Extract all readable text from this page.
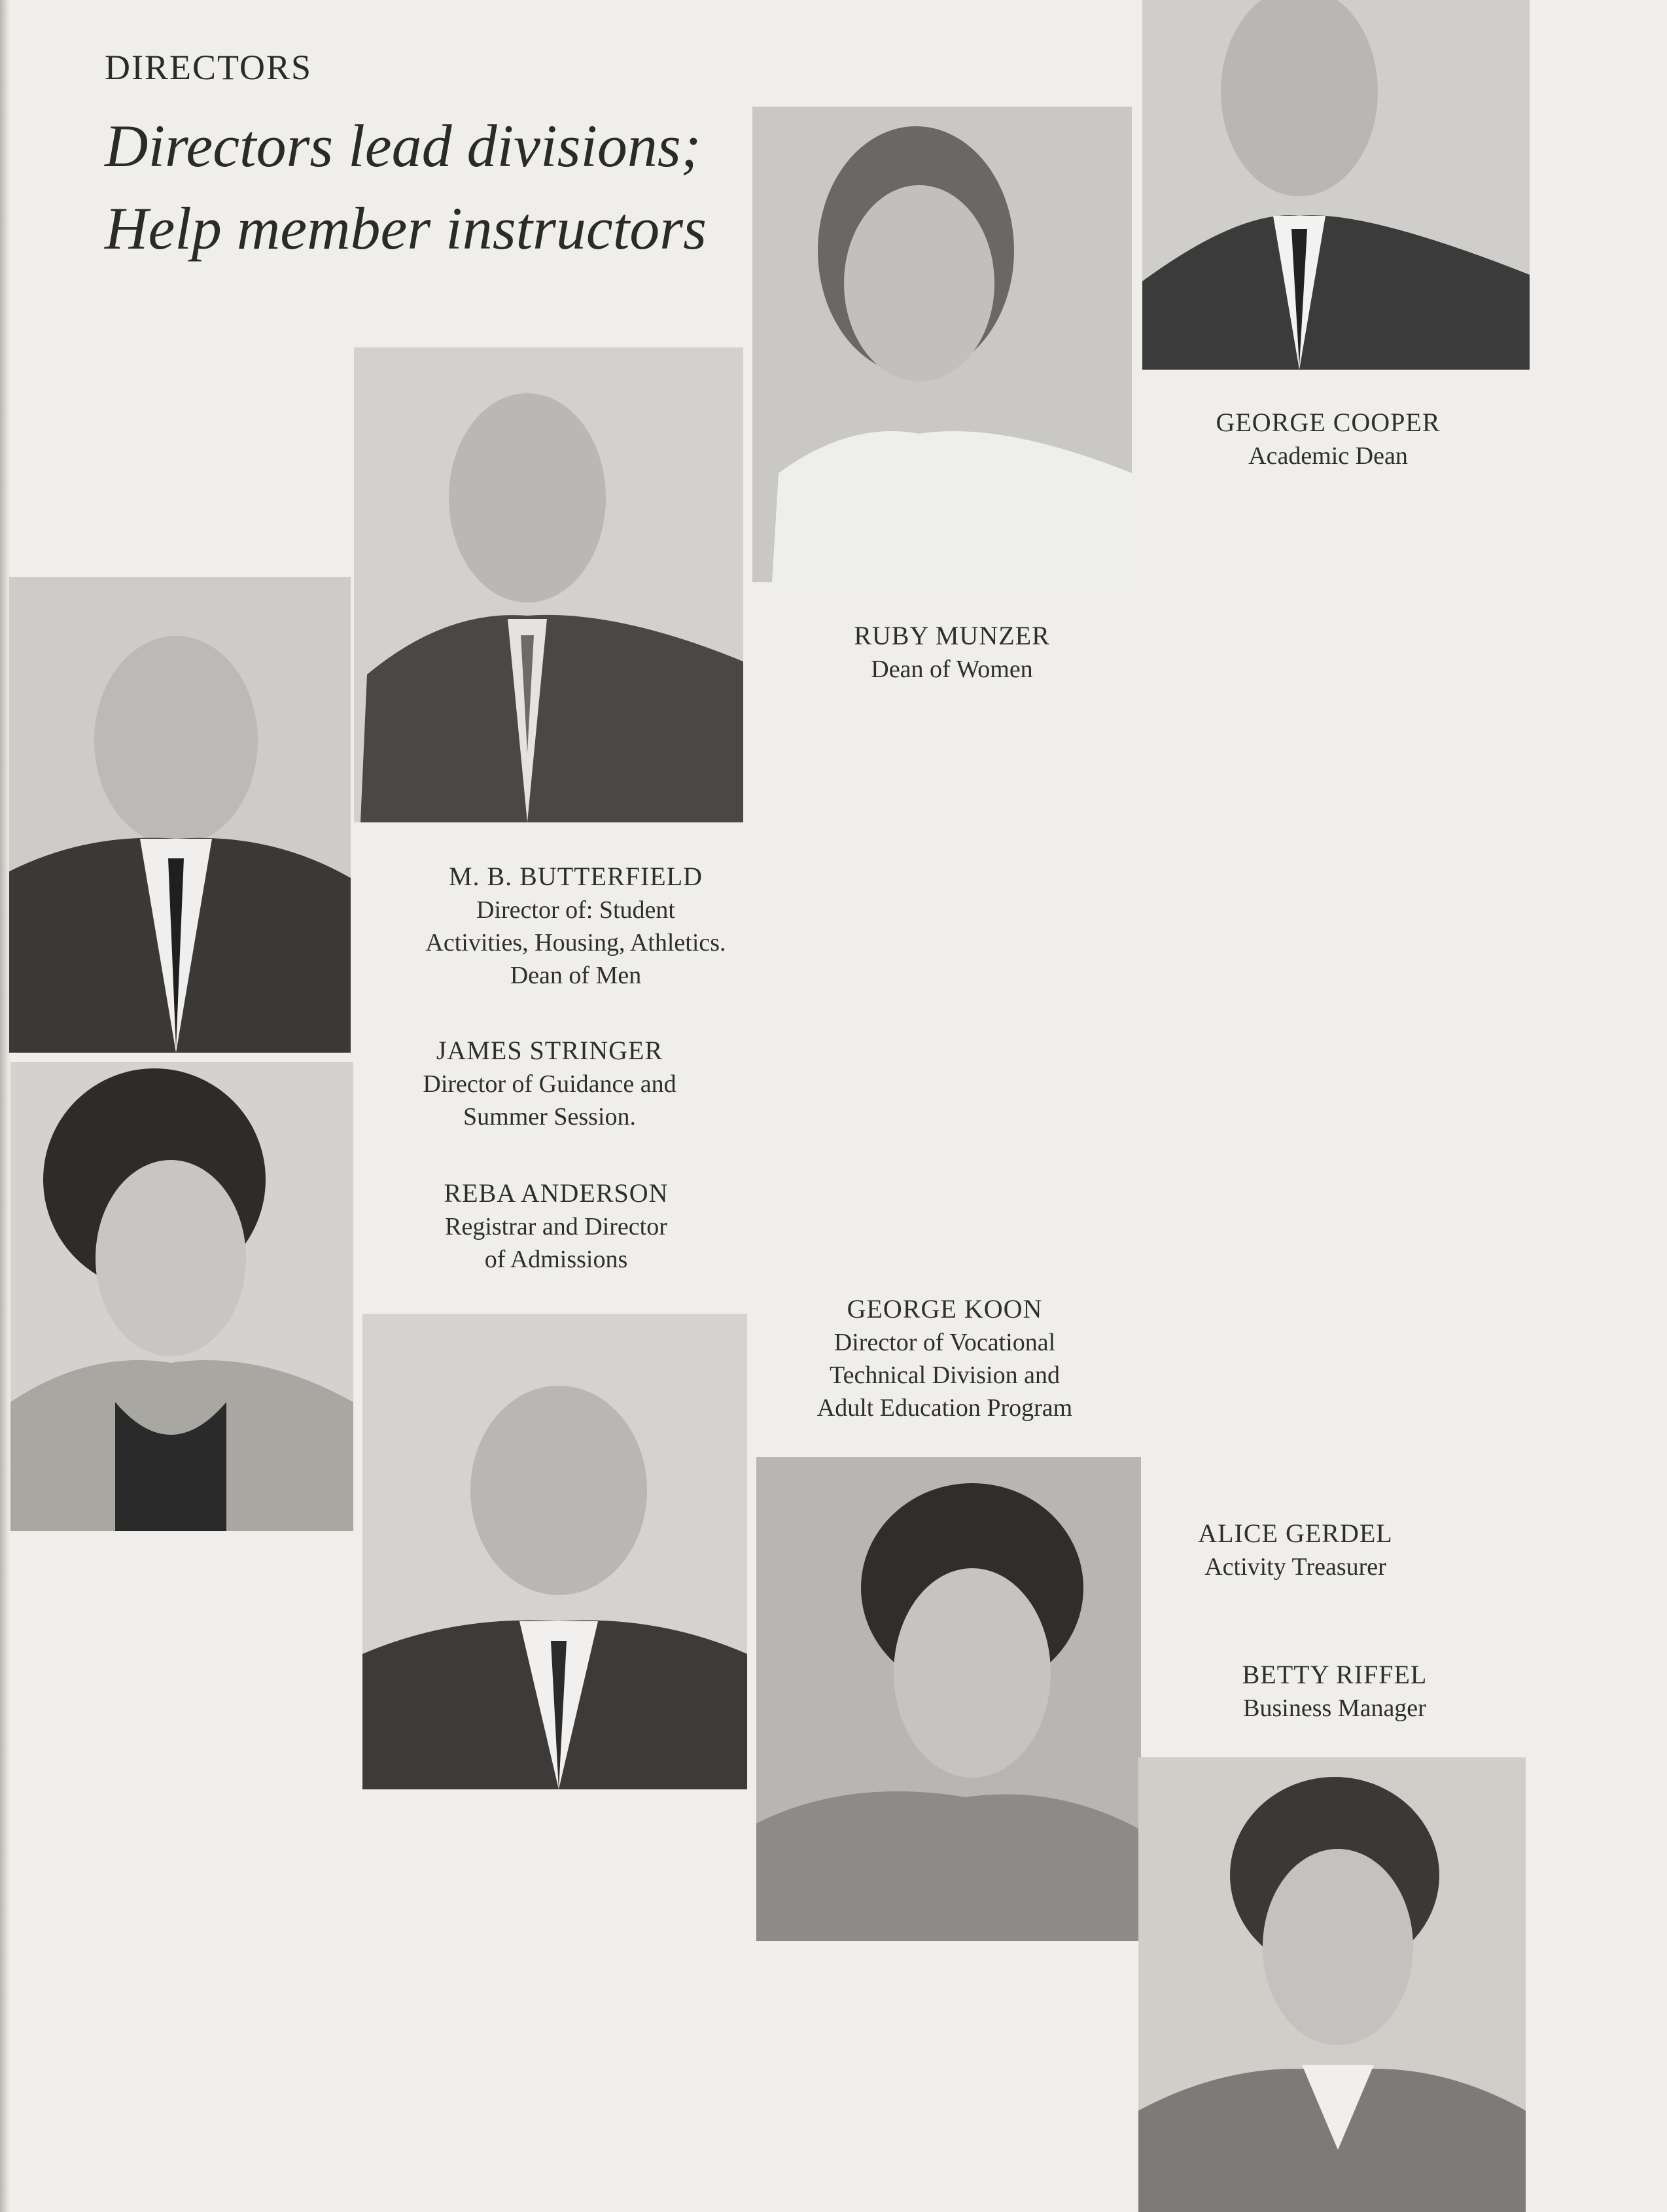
DIRECTORS
Directors lead divisions;
Help member instructors
GEORGE COOPER
Academic Dean
RUBY MUNZER
Dean of Women
M. B. BUTTERFIELD
Director of: Student
Activities, Housing, Athletics.
Dean of Men
JAMES STRINGER
Director of Guidance and
Summer Session.
REBA ANDERSON
Registrar and Director
of Admissions
GEORGE KOON
Director of Vocational
Technical Division and
Adult Education Program
ALICE GERDEL
Activity Treasurer
BETTY RIFFEL
Business Manager
